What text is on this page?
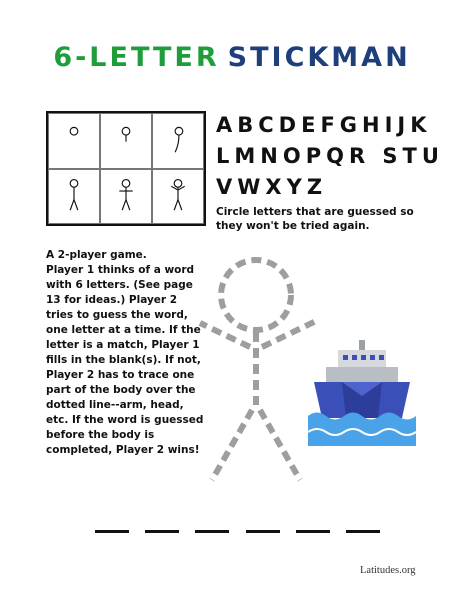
6-LETTER STICKMAN
ABCDEFGHIJK
LMNOPQR STU
VWXYZ
Circle letters that are guessed so they won't be tried again.

A 2-player game.

Player 1 thinks of a word with 6 letters. (See page 13 for ideas.) Player 2 tries to guess the word, one letter at a time. If the letter is a match, Player 1 fills in the blank(s). If not, Player 2 has to trace one part of the body over the dotted line--arm, head, etc. If the word is guessed before the body is completed, Player 2 wins!

Latitudes.org
